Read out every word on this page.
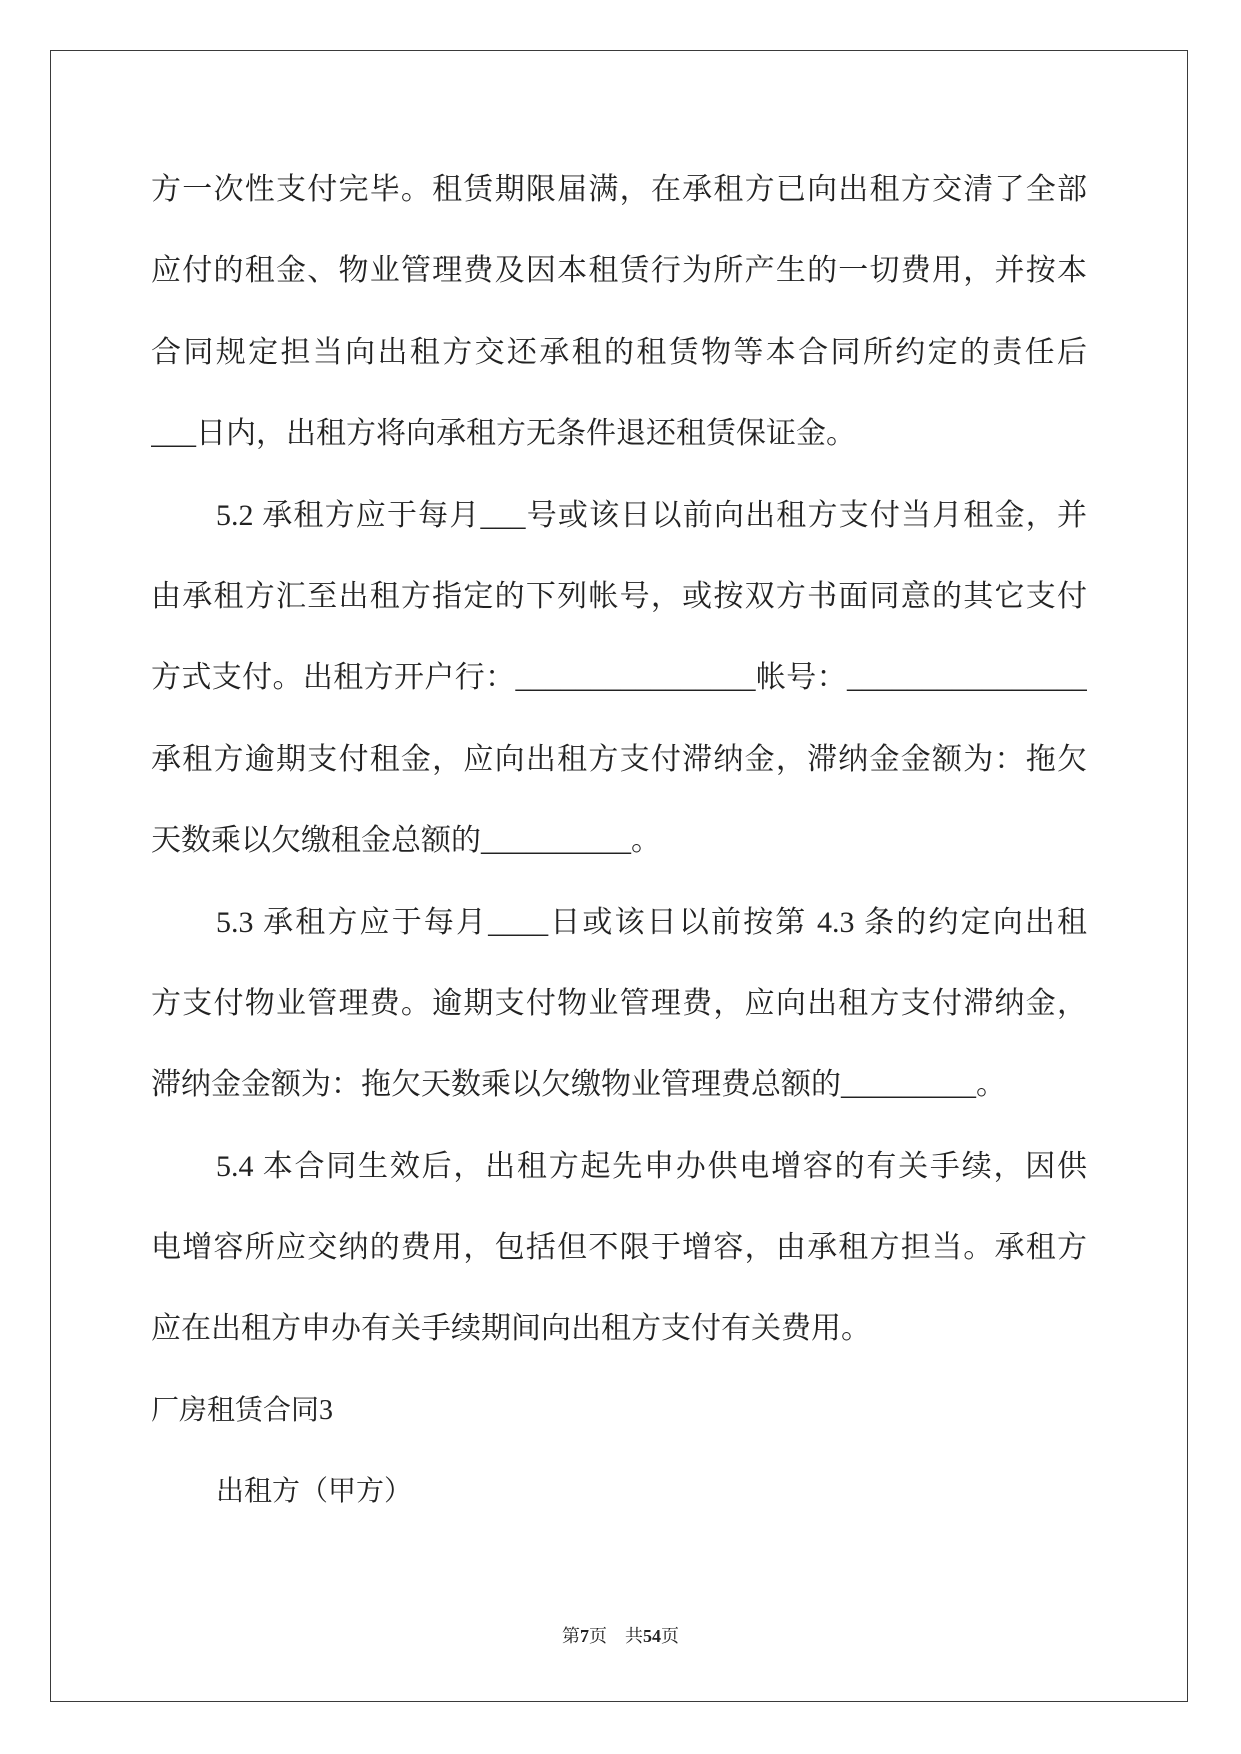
方一次性支付完毕。租赁期限届满，在承租方已向出租方交清了全部
应付的租金、物业管理费及因本租赁行为所产生的一切费用，并按本
合同规定担当向出租方交还承租的租赁物等本合同所约定的责任后
___日内，出租方将向承租方无条件退还租赁保证金。
5.2 承租方应于每月___号或该日以前向出租方支付当月租金，并
由承租方汇至出租方指定的下列帐号，或按双方书面同意的其它支付
方式支付。出租方开户行：________________帐号：________________
承租方逾期支付租金，应向出租方支付滞纳金，滞纳金金额为：拖欠
天数乘以欠缴租金总额的__________。
5.3 承租方应于每月____日或该日以前按第 4.3 条的约定向出租
方支付物业管理费。逾期支付物业管理费，应向出租方支付滞纳金，
滞纳金金额为：拖欠天数乘以欠缴物业管理费总额的_________。
5.4 本合同生效后，出租方起先申办供电增容的有关手续，因供
电增容所应交纳的费用，包括但不限于增容，由承租方担当。承租方
应在出租方申办有关手续期间向出租方支付有关费用。
厂房租赁合同3
出租方（甲方）
第7页　共54页
